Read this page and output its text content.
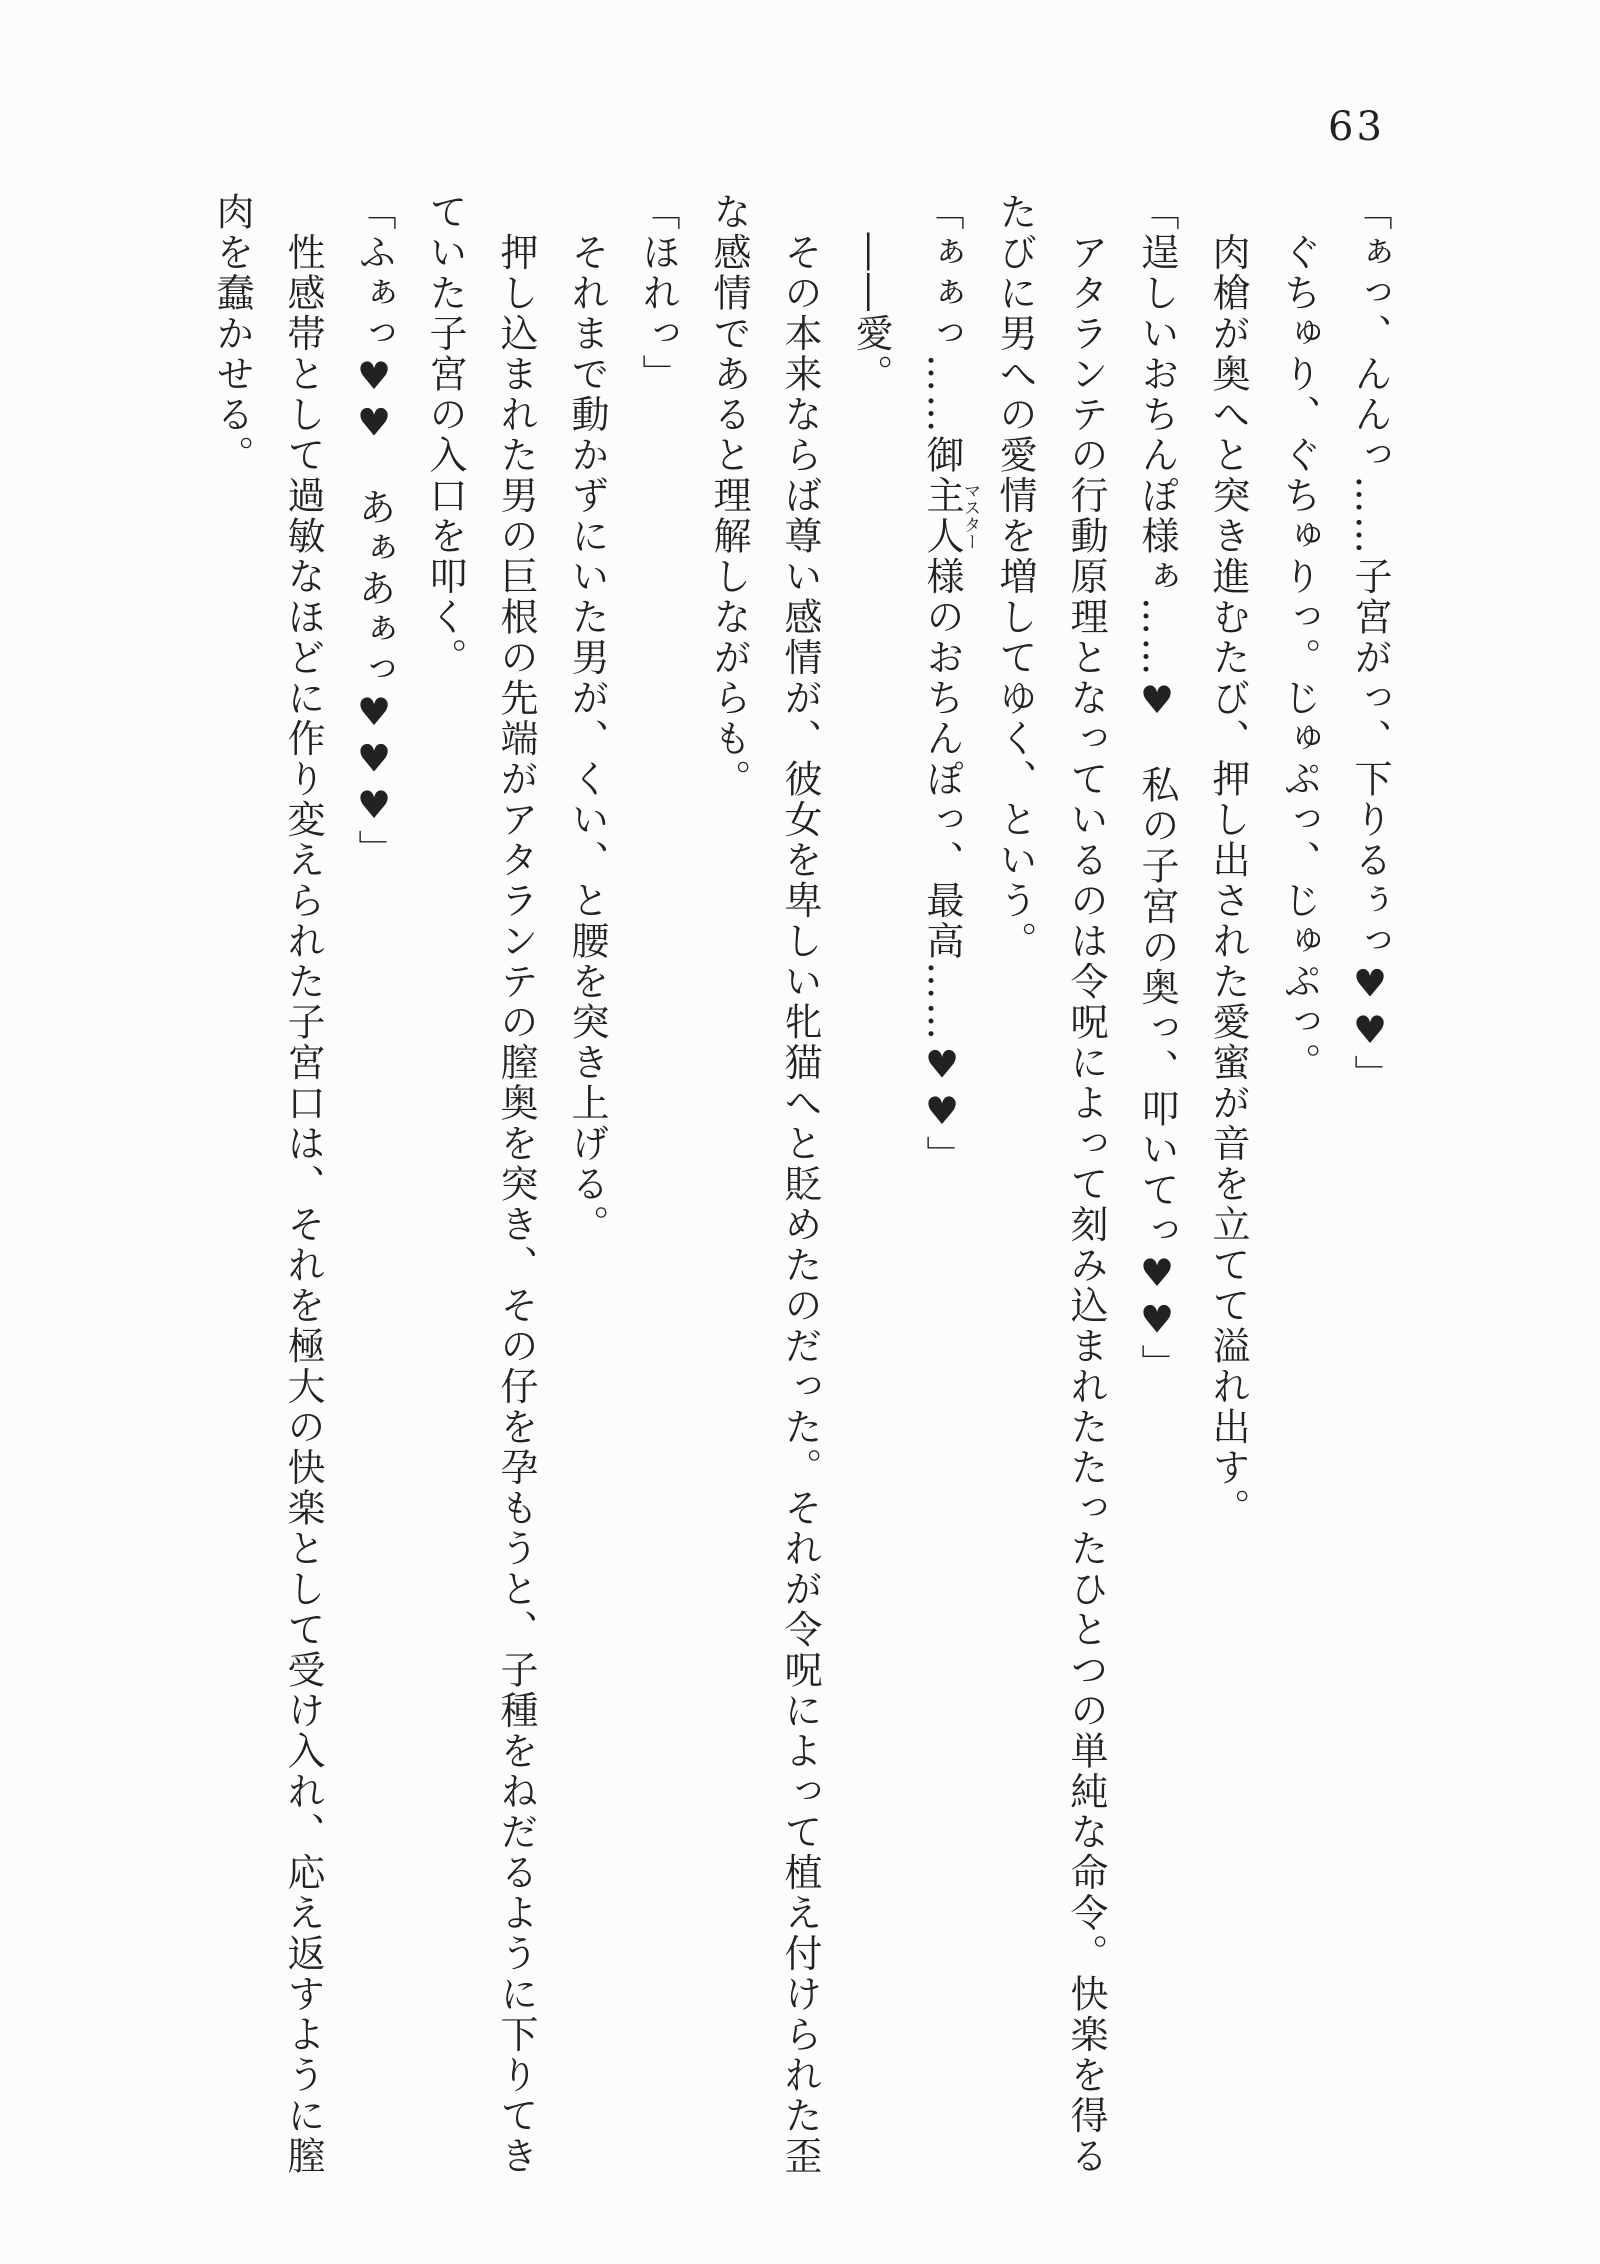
63

「ぁっ、んんっ……子宮がっ、下りるぅっ♥♥」

　ぐちゅり、ぐちゅりっ。じゅぷっ、じゅぷっ。

　肉槍が奥へと突き進むたび、押し出された愛蜜が音を立てて溢れ出す。

「逞しいおちんぽ様ぁ……♥　私の子宮の奥っ、叩いてっ♥♥」

　アタランテの行動原理となっているのは令呪によって刻み込まれたたったひとつの単純な命令。快楽を得る

たびに男への愛情を増してゆく、という。

「ぁぁっ……御主人様マスターのおちんぽっ、最高……♥♥」

　――愛。

　その本来ならば尊い感情が、彼女を卑しい牝猫へと貶めたのだった。それが令呪によって植え付けられた歪

な感情であると理解しながらも。

「ほれっ」

　それまで動かずにいた男が、くい、と腰を突き上げる。

　押し込まれた男の巨根の先端がアタランテの膣奥を突き、その仔を孕もうと、子種をねだるように下りてき

ていた子宮の入口を叩く。

「ふぁっ♥♥　あぁあぁっ♥♥♥」

　性感帯として過敏なほどに作り変えられた子宮口は、それを極大の快楽として受け入れ、応え返すように膣

肉を蠢かせる。
